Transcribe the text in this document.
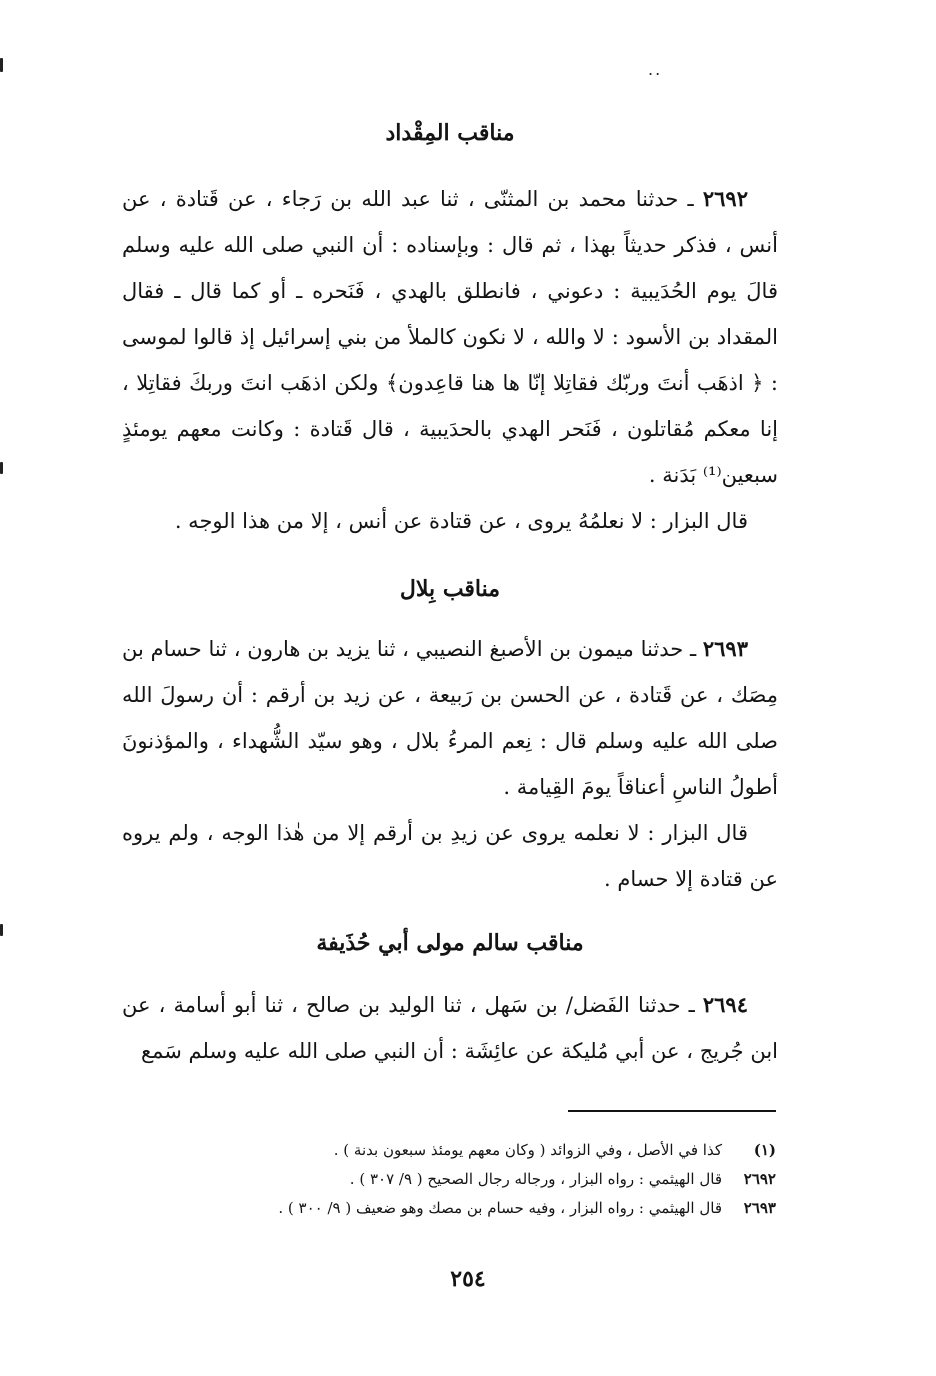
..
مناقب المِقْداد

٢٦٩٢ ـ حدثنا محمد بن المثنّى ، ثنا عبد الله بن رَجاء ، عن قَتادة ، عن أنس ، فذكر حديثاً بهذا ، ثم قال : وبإسناده : أن النبي صلى الله عليه وسلم قالَ يوم الحُدَيبية : دعوني ، فانطلق بالهدي ، فَنَحره ـ أو كما قال ـ فقال المقداد بن الأسود : لا والله ، لا نكون كالملأ من بني إسرائيل إذ قالوا لموسى : ﴿ اذهَب أنتَ وربّك فقاتِلا إنّا ها هنا قاعِدون﴾ ولكن اذهَب انتَ وربكَ فقاتِلا ، إنا معكم مُقاتلون ، فَنَحر الهدي بالحدَيبية ، قال قَتادة : وكانت معهم يومئذٍ سبعين⁽¹⁾ بَدَنة .

قال البزار : لا نعلمُهُ يروى ، عن قتادة عن أنس ، إلا من هذا الوجه .

مناقب بِلال

٢٦٩٣ ـ حدثنا ميمون بن الأصبغ النصيبي ، ثنا يزيد بن هارون ، ثنا حسام بن مِصَك ، عن قَتادة ، عن الحسن بن رَبيعة ، عن زيد بن أرقم : أن رسولَ الله صلى الله عليه وسلم قال : نِعم المرءُ بلال ، وهو سيّد الشُّهداء ، والمؤذنونَ أطولُ الناسِ أعناقاً يومَ القِيامة .

قال البزار : لا نعلمه يروى عن زيدِ بن أرقم إلا من هٰذا الوجه ، ولم يروه عن قتادة إلا حسام .

مناقب سالم مولى أبي حُذَيفة

٢٦٩٤ ـ حدثنا الفَضل/ بن سَهل ، ثنا الوليد بن صالح ، ثنا أبو أسامة ، عن ابن جُريج ، عن أبي مُليكة عن عائِشَة : أن النبي صلى الله عليه وسلم سَمع

(١)
كذا في الأصل ، وفي الزوائد ( وكان معهم يومئذ سبعون بدنة ) .
٢٦٩٢
قال الهيثمي : رواه البزار ، ورجاله رجال الصحيح ( ٩/ ٣٠٧ ) .
٢٦٩٣
قال الهيثمي : رواه البزار ، وفيه حسام بن مصك وهو ضعيف ( ٩/ ٣٠٠ ) .
٢٥٤
